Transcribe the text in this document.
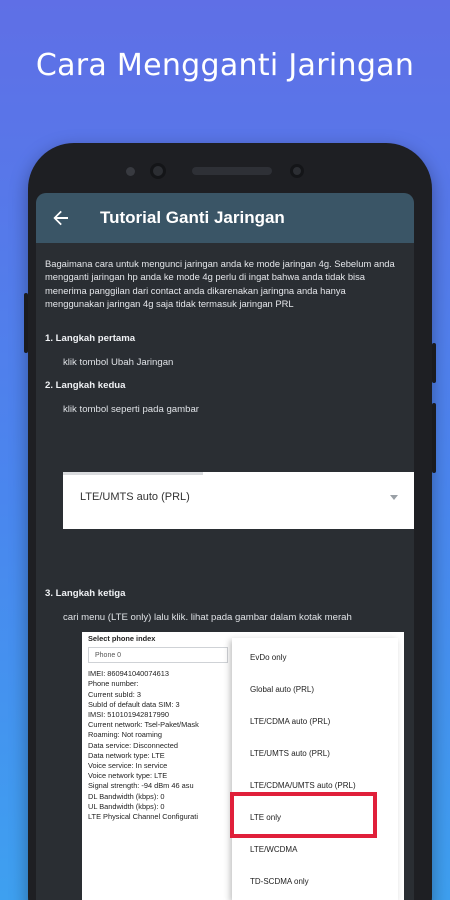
Cara Mengganti Jaringan
Tutorial Ganti Jaringan
Bagaimana cara untuk mengunci jaringan anda ke mode jaringan 4g. Sebelum anda mengganti jaringan hp anda ke mode 4g perlu di ingat bahwa anda tidak bisa menerima panggilan dari contact anda dikarenakan jaringna anda hanya menggunakan jaringan 4g saja tidak termasuk jaringan PRL
1. Langkah pertama
klik tombol Ubah Jaringan
2. Langkah kedua
klik tombol seperti pada gambar
LTE/UMTS auto (PRL)
3. Langkah ketiga
cari menu (LTE only) lalu klik. lihat pada gambar dalam kotak merah
Select phone index
Phone 0
IMEI: 860941040074613
Phone number:
Current subId: 3
SubId of default data SIM: 3
IMSI: 510101942817990
Current network: Tsel-Paket/Mask
Roaming: Not roaming
Data service: Disconnected
Data network type: LTE
Voice service: In service
Voice network type: LTE
Signal strength: -94 dBm 46 asu
DL Bandwidth (kbps): 0
UL Bandwidth (kbps): 0
LTE Physical Channel Configurati
EvDo only
Global auto (PRL)
LTE/CDMA auto (PRL)
LTE/UMTS auto (PRL)
LTE/CDMA/UMTS auto (PRL)
LTE only
LTE/WCDMA
TD-SCDMA only
